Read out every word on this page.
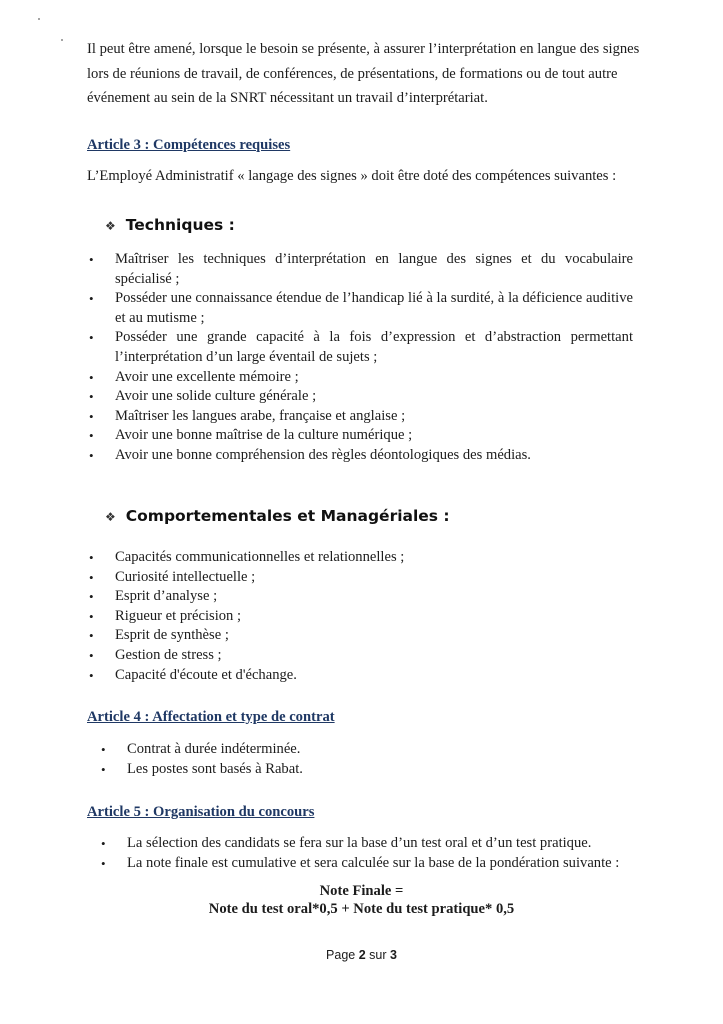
Il peut être amené, lorsque le besoin se présente, à assurer l’interprétation en langue des signes lors de réunions de travail, de conférences, de présentations, de formations ou de tout autre événement au sein de la SNRT nécessitant un travail d’interprétariat.

Article 3 : Compétences requises
L’Employé Administratif « langage des signes » doit être doté des compétences suivantes :
❖ Techniques :
• Maîtriser les techniques d’interprétation en langue des signes et du vocabulaire spécialisé ;
• Posséder une connaissance étendue de l’handicap lié à la surdité, à la déficience auditive et au mutisme ;
• Posséder une grande capacité à la fois d’expression et d’abstraction permettant l’interprétation d’un large éventail de sujets ;
• Avoir une excellente mémoire ;
• Avoir une solide culture générale ;
• Maîtriser les langues arabe, française et anglaise ;
• Avoir une bonne maîtrise de la culture numérique ;
• Avoir une bonne compréhension des règles déontologiques des médias.
❖ Comportementales et Managériales :
• Capacités communicationnelles et relationnelles ;
• Curiosité intellectuelle ;
• Esprit d’analyse ;
• Rigueur et précision ;
• Esprit de synthèse ;
• Gestion de stress ;
• Capacité d'écoute et d'échange.
Article 4 : Affectation et type de contrat
• Contrat à durée indéterminée.
• Les postes sont basés à Rabat.
Article 5 : Organisation du concours
• La sélection des candidats se fera sur la base d’un test oral et d’un test pratique.
• La note finale est cumulative et sera calculée sur la base de la pondération suivante :
Note Finale =
Note du test oral*0,5 + Note du test pratique* 0,5
Page 2 sur 3
